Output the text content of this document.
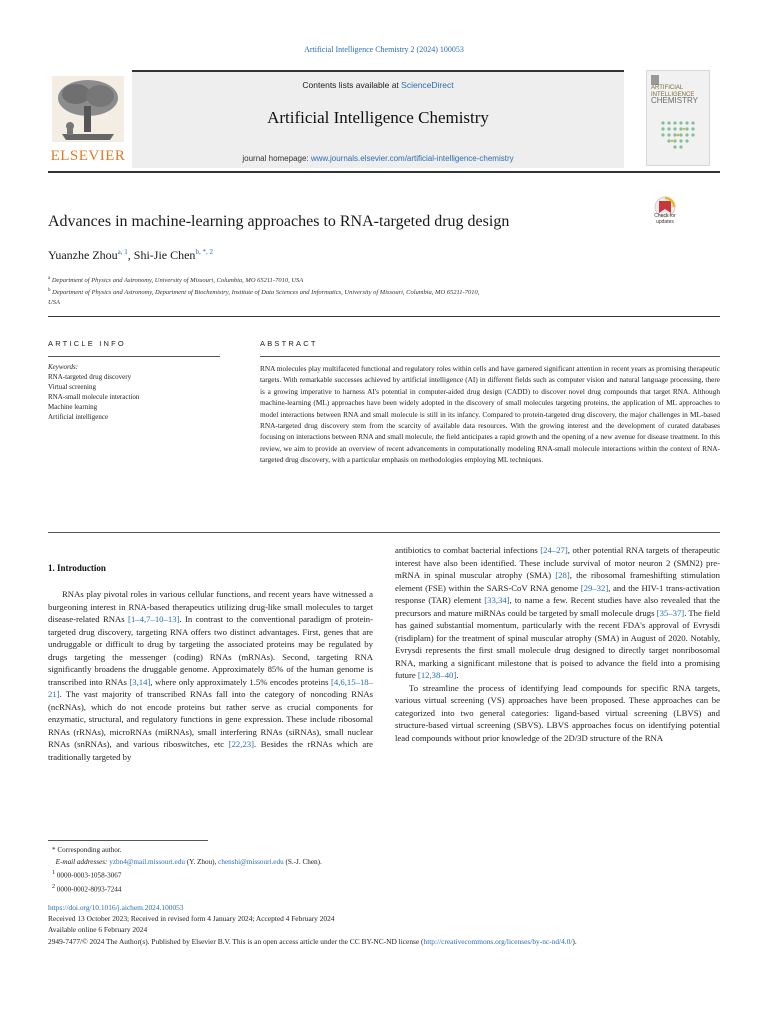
Artificial Intelligence Chemistry 2 (2024) 100053
ELSEVIER
Contents lists available at ScienceDirect
Artificial Intelligence Chemistry
journal homepage: www.journals.elsevier.com/artificial-intelligence-chemistry
ARTIFICIAL
INTELLIGENCE
CHEMISTRY
Advances in machine-learning approaches to RNA-targeted drug design	Check for updates
Yuanzhe Zhou$^{a, 1}$, Shi-Jie Chen$^{b, *, 2}$
$^a$ Department of Physics and Astronomy, University of Missouri, Columbia, MO 65211-7010, USA
$^b$ Department of Physics and Astronomy, Department of Biochemistry, Institute of Data Sciences and Informatics, University of Missouri, Columbia, MO 65211-7010,
USA
ARTICLE INFO	ABSTRACT
Keywords:
RNA-targeted drug discovery
Virtual screening
RNA-small molecule interaction
Machine learning
Artificial intelligence
RNA molecules play multifaceted functional and regulatory roles within cells and have garnered significant attention in recent years as promising therapeutic targets. With remarkable successes achieved by artificial intelligence (AI) in different fields such as computer vision and natural language processing, there is a growing imperative to harness AI's potential in computer-aided drug design (CADD) to discover novel drug compounds that target RNA. Although machine-learning (ML) approaches have been widely adopted in the discovery of small molecules targeting proteins, the application of ML approaches to model interactions between RNA and small molecule is still in its infancy. Compared to protein-targeted drug discovery, the major challenges in ML-based RNA-targeted drug discovery stem from the scarcity of available data resources. With the growing interest and the development of curated databases focusing on interactions between RNA and small molecule, the field anticipates a rapid growth and the opening of a new avenue for disease treatment. In this review, we aim to provide an overview of recent advancements in computationally modeling RNA-small molecule interactions within the context of RNA-targeted drug discovery, with a particular emphasis on methodologies employing ML techniques.
1. Introduction

RNAs play pivotal roles in various cellular functions, and recent years have witnessed a burgeoning interest in RNA-based therapeutics utilizing drug-like small molecules to target disease-related RNAs [1–4,7–10–13]. In contrast to the conventional paradigm of protein-targeted drug discovery, targeting RNA offers two distinct advantages. First, genes that are undruggable or difficult to drug by targeting the associated proteins may be regulated by drugs targeting the messenger (coding) RNAs (mRNAs). Second, targeting RNA significantly broadens the druggable genome. Approximately 85% of the human genome is transcribed into RNAs [3,14], where only approximately 1.5% encodes proteins [4,6,15–18–21]. The vast majority of transcribed RNAs fall into the category of noncoding RNAs (ncRNAs), which do not encode proteins but rather serve as crucial components for enzymatic, structural, and regulatory functions in gene expression. These include ribosomal RNAs (rRNAs), microRNAs (miRNAs), small interfering RNAs (siRNAs), small nuclear RNAs (snRNAs), and various riboswitches, etc [22,23]. Besides the rRNAs which are traditionally targeted by

antibiotics to combat bacterial infections [24–27], other potential RNA targets of therapeutic interest have also been identified. These include survival of motor neuron 2 (SMN2) pre-mRNA in spinal muscular atrophy (SMA) [28], the ribosomal frameshifting stimulation element (FSE) within the SARS-CoV RNA genome [29–32], and the HIV-1 trans-activation response (TAR) element [33,34], to name a few. Recent studies have also revealed that the precursors and mature miRNAs could be targeted by small molecule drugs [35–37]. The field has gained substantial momentum, particularly with the recent FDA's approval of Evrysdi (risdiplam) for the treatment of spinal muscular atrophy (SMA) in August of 2020. Notably, Evrysdi represents the first small molecule drug designed to directly target nonribosomal RNA, marking a significant milestone that is poised to advance the field into a promising future [12,38–40].

To streamline the process of identifying lead compounds for specific RNA targets, various virtual screening (VS) approaches have been proposed. These approaches can be categorized into two general categories: ligand-based virtual screening (LBVS) and structure-based virtual screening (SBVS). LBVS approaches focus on identifying potential lead compounds without prior knowledge of the 2D/3D structure of the RNA

* Corresponding author.
E-mail addresses: yzbn4@mail.missouri.edu (Y. Zhou), chenshi@missouri.edu (S.-J. Chen).
$^1$ 0000-0003-1058-3067
$^2$ 0000-0002-8093-7244
https://doi.org/10.1016/j.aichem.2024.100053
Received 13 October 2023; Received in revised form 4 January 2024; Accepted 4 February 2024
Available online 6 February 2024
2949-7477/© 2024 The Author(s). Published by Elsevier B.V. This is an open access article under the CC BY-NC-ND license (http://creativecommons.org/licenses/by-nc-nd/4.0/).
